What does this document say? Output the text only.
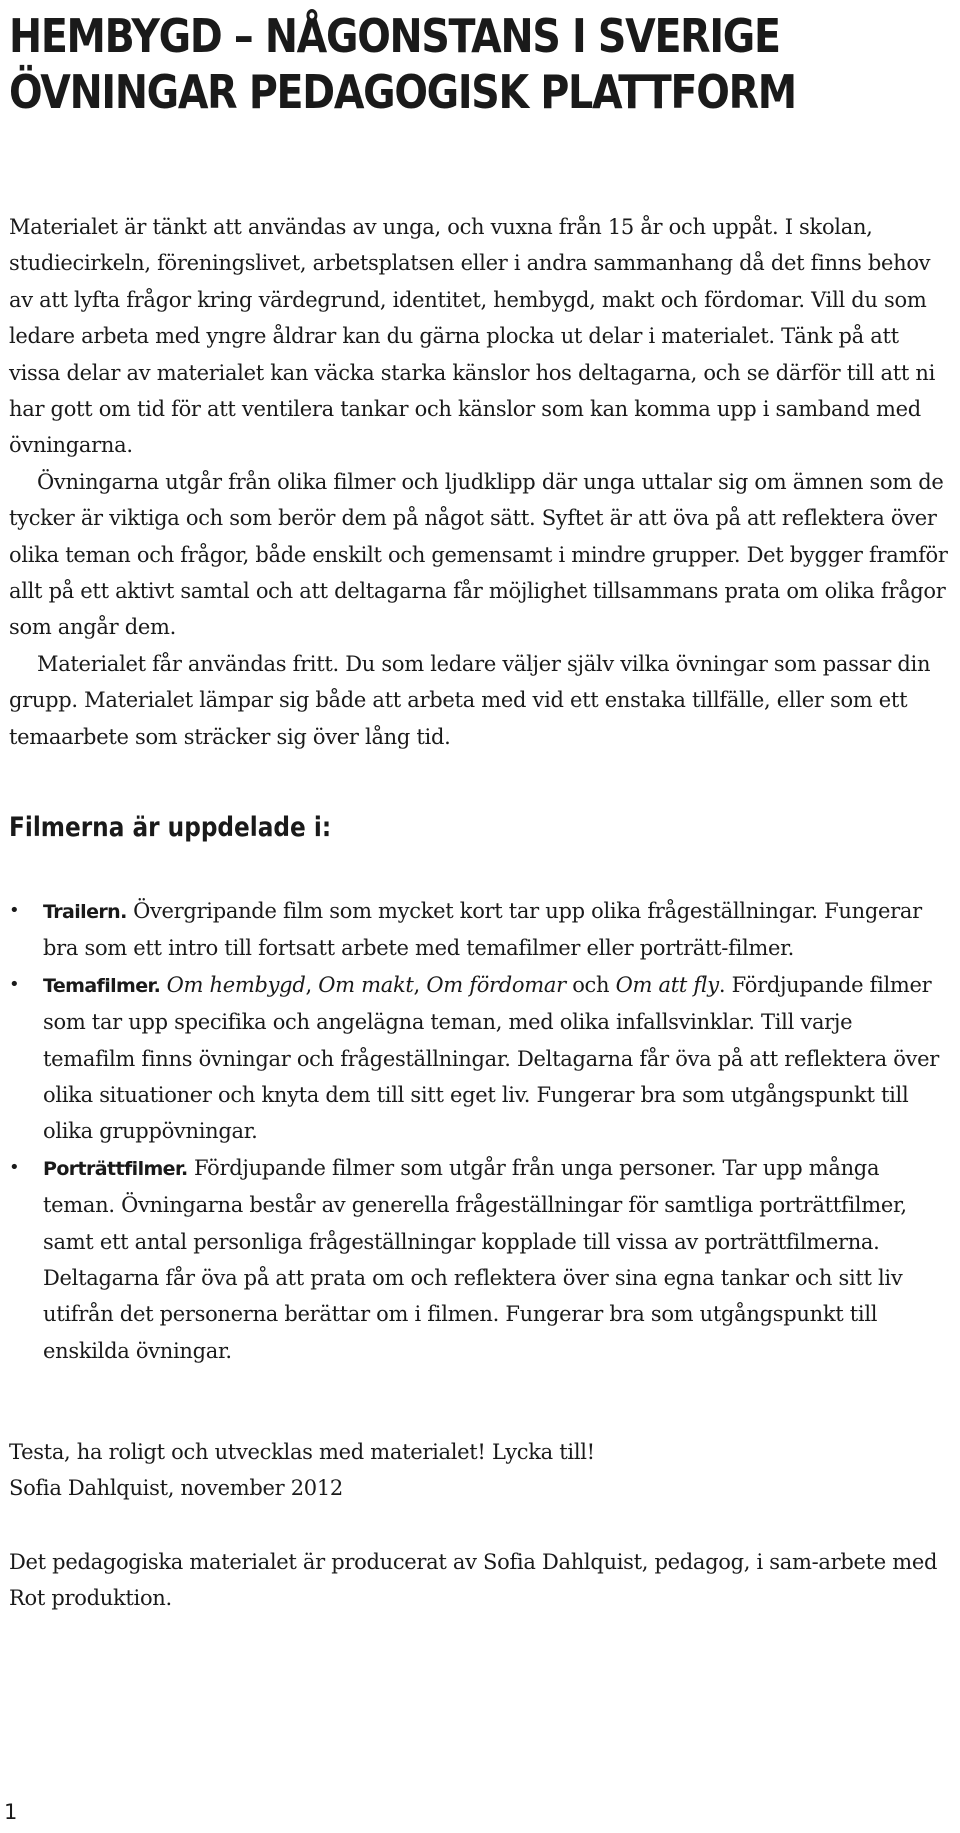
HEMBYGD – NÅGONSTANS I SVERIGE
ÖVNINGAR PEDAGOGISK PLATTFORM

Materialet är tänkt att användas av unga, och vuxna från 15 år och uppåt. I skolan, studiecirkeln, föreningslivet, arbetsplatsen eller i andra sammanhang då det finns behov av att lyfta frågor kring värdegrund, identitet, hembygd, makt och fördomar. Vill du som ledare arbeta med yngre åldrar kan du gärna plocka ut delar i materialet. Tänk på att vissa delar av materialet kan väcka starka känslor hos deltagarna, och se därför till att ni har gott om tid för att ventilera tankar och känslor som kan komma upp i samband med övningarna.

Övningarna utgår från olika filmer och ljudklipp där unga uttalar sig om ämnen som de tycker är viktiga och som berör dem på något sätt. Syftet är att öva på att reflektera över olika teman och frågor, både enskilt och gemensamt i mindre grupper. Det bygger framför allt på ett aktivt samtal och att deltagarna får möjlighet tillsammans prata om olika frågor som angår dem.

Materialet får användas fritt. Du som ledare väljer själv vilka övningar som passar din grupp. Materialet lämpar sig både att arbeta med vid ett enstaka tillfälle, eller som ett temaarbete som sträcker sig över lång tid.

Filmerna är uppdelade i:
•	Trailern. Övergripande film som mycket kort tar upp olika frågeställningar. Fungerar bra som ett intro till fortsatt arbete med temafilmer eller porträtt-filmer.
•	Temafilmer. Om hembygd, Om makt, Om fördomar och Om att fly. Fördjupande filmer som tar upp specifika och angelägna teman, med olika infallsvinklar. Till varje temafilm finns övningar och frågeställningar. Deltagarna får öva på att reflektera över olika situationer och knyta dem till sitt eget liv. Fungerar bra som utgångspunkt till olika gruppövningar.
•	Porträttfilmer. Fördjupande filmer som utgår från unga personer. Tar upp många teman. Övningarna består av generella frågeställningar för samtliga porträttfilmer, samt ett antal personliga frågeställningar kopplade till vissa av porträttfilmerna. Deltagarna får öva på att prata om och reflektera över sina egna tankar och sitt liv utifrån det personerna berättar om i filmen. Fungerar bra som utgångspunkt till enskilda övningar.

Testa, ha roligt och utvecklas med materialet! Lycka till!

Sofia Dahlquist, november 2012

Det pedagogiska materialet är producerat av Sofia Dahlquist, pedagog, i sam-arbete med Rot produktion.

1
